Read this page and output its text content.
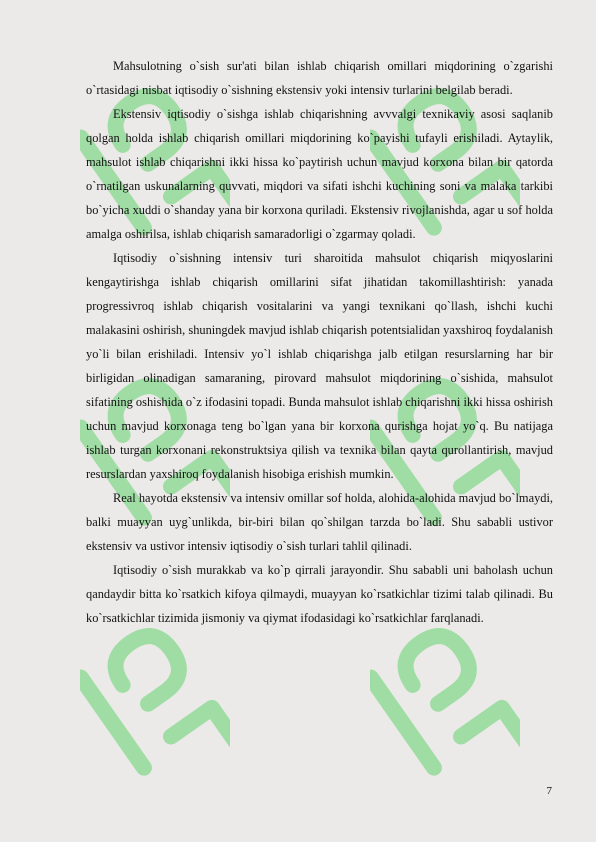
Mahsulotning o`sish sur'ati bilan ishlab chiqarish omillari miqdorining o`zgarishi o`rtasidagi nisbat iqtisodiy o`sishning ekstensiv yoki intensiv turlarini belgilab beradi.

Ekstensiv iqtisodiy o`sishga ishlab chiqarishning avvvalgi texnikaviy asosi saqlanib qolgan holda ishlab chiqarish omillari miqdorining ko`payishi tufayli erishiladi. Aytaylik, mahsulot ishlab chiqarishni ikki hissa ko`paytirish uchun mavjud korxona bilan bir qatorda o`rnatilgan uskunalarning quvvati, miqdori va sifati ishchi kuchining soni va malaka tarkibi bo`yicha xuddi o`shanday yana bir korxona quriladi. Ekstensiv rivojlanishda, agar u sof holda amalga oshirilsa, ishlab chiqarish samaradorligi o`zgarmay qoladi.

Iqtisodiy o`sishning intensiv turi sharoitida mahsulot chiqarish miqyoslarini kengaytirishga ishlab chiqarish omillarini sifat jihatidan takomillashtirish: yanada progressivroq ishlab chiqarish vositalarini va yangi texnikani qo`llash, ishchi kuchi malakasini oshirish, shuningdek mavjud ishlab chiqarish potentsialidan yaxshiroq foydalanish yo`li bilan erishiladi. Intensiv yo`l ishlab chiqarishga jalb etilgan resurslarning har bir birligidan olinadigan samaraning, pirovard mahsulot miqdorining o`sishida, mahsulot sifatining oshishida o`z ifodasini topadi. Bunda mahsulot ishlab chiqarishni ikki hissa oshirish uchun mavjud korxonaga teng bo`lgan yana bir korxona qurishga hojat yo`q. Bu natijaga ishlab turgan korxonani rekonstruktsiya qilish va texnika bilan qayta qurollantirish, mavjud resurslardan yaxshiroq foydalanish hisobiga erishish mumkin.

Real hayotda ekstensiv va intensiv omillar sof holda, alohida-alohida mavjud bo`lmaydi, balki muayyan uyg`unlikda, bir-biri bilan qo`shilgan tarzda bo`ladi. Shu sababli ustivor ekstensiv va ustivor intensiv iqtisodiy o`sish turlari tahlil qilinadi.

Iqtisodiy o`sish murakkab va ko`p qirrali jarayondir. Shu sababli uni baholash uchun qandaydir bitta ko`rsatkich kifoya qilmaydi, muayyan ko`rsatkichlar tizimi talab qilinadi. Bu ko`rsatkichlar tizimida jismoniy va qiymat ifodasidagi ko`rsatkichlar farqlanadi.

7
